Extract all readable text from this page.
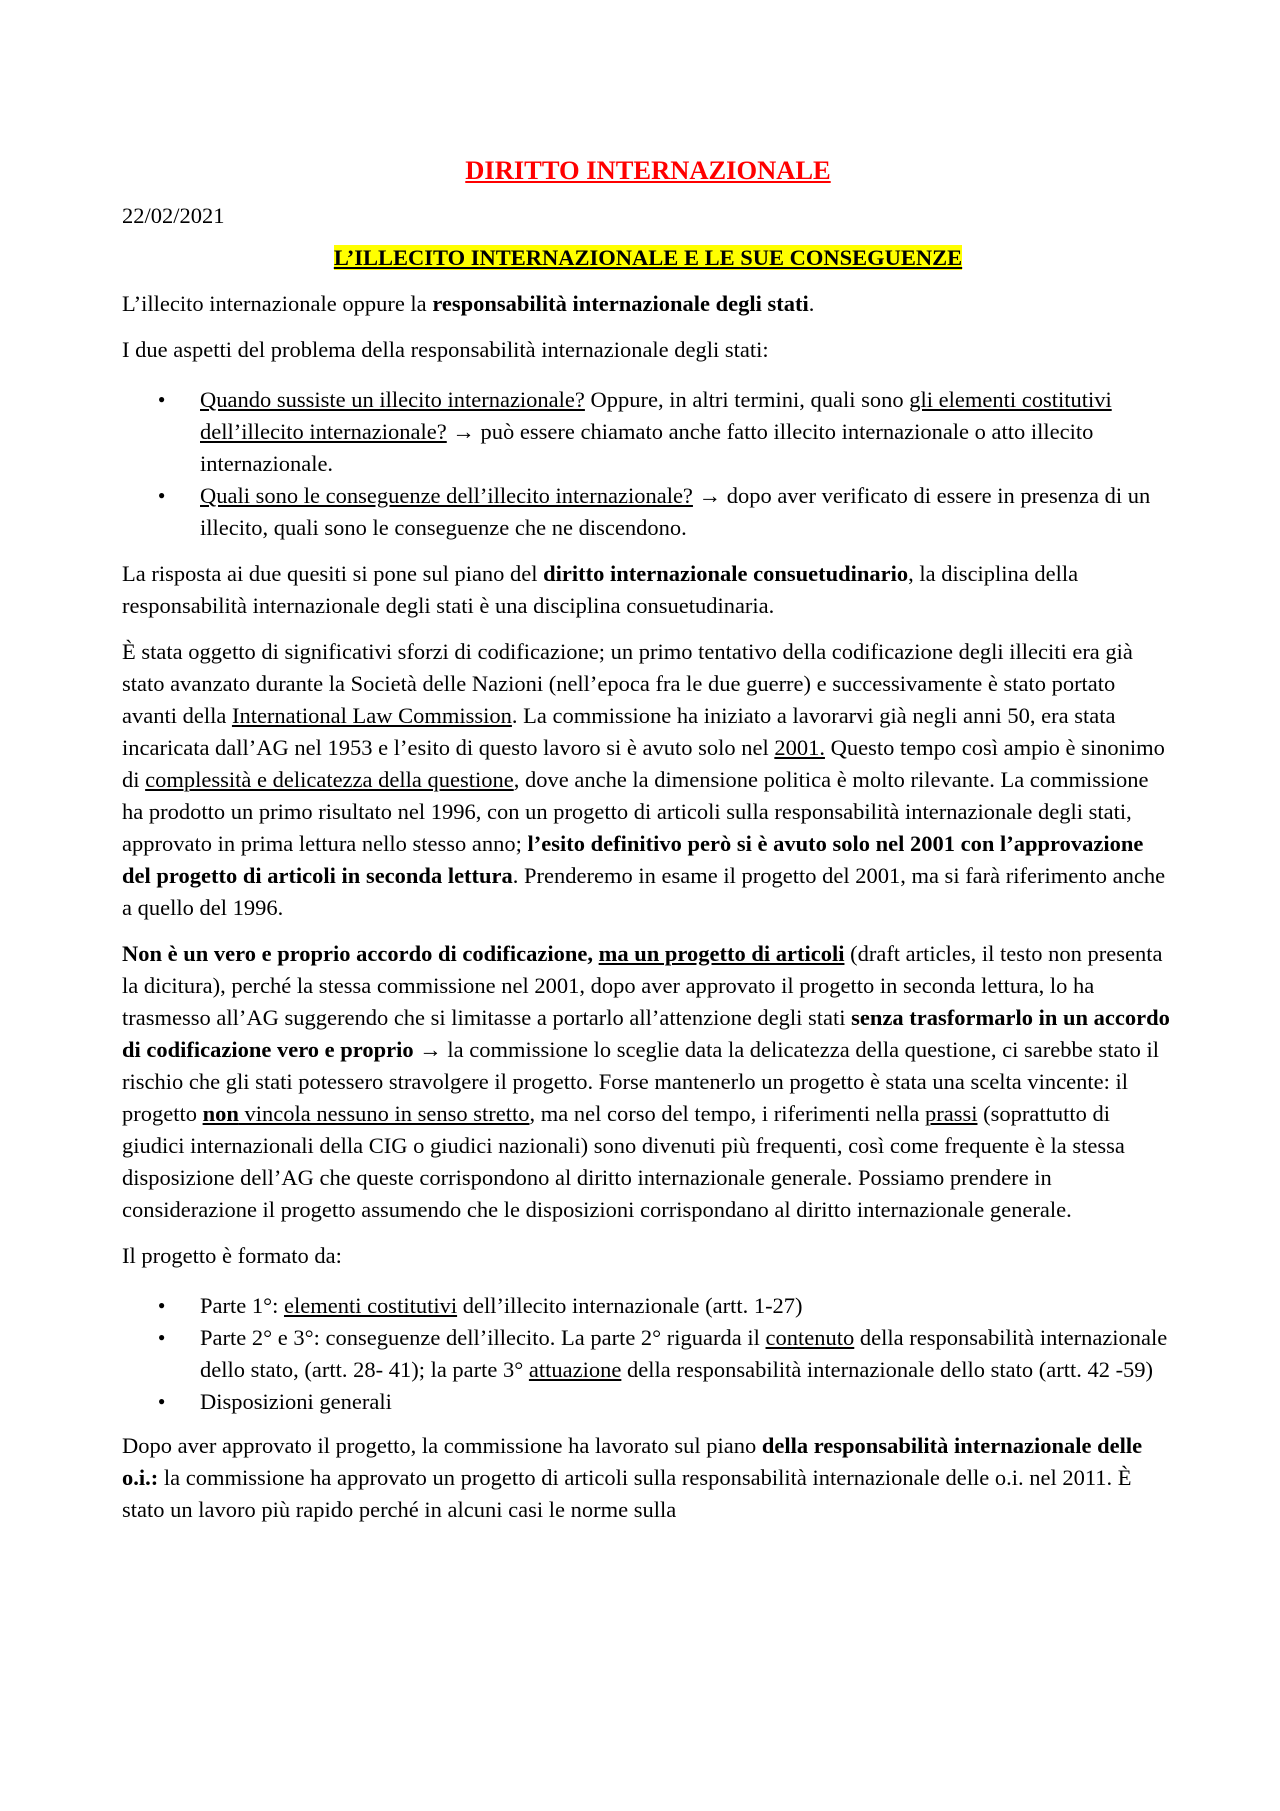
DIRITTO INTERNAZIONALE
22/02/2021
L’ILLECITO INTERNAZIONALE E LE SUE CONSEGUENZE

L’illecito internazionale oppure la responsabilità internazionale degli stati.

I due aspetti del problema della responsabilità internazionale degli stati:

● Quando sussiste un illecito internazionale? Oppure, in altri termini, quali sono gli elementi costitutivi dell’illecito internazionale? → può essere chiamato anche fatto illecito internazionale o atto illecito internazionale.
● Quali sono le conseguenze dell’illecito internazionale? → dopo aver verificato di essere in presenza di un illecito, quali sono le conseguenze che ne discendono.

La risposta ai due quesiti si pone sul piano del diritto internazionale consuetudinario, la disciplina della responsabilità internazionale degli stati è una disciplina consuetudinaria.

È stata oggetto di significativi sforzi di codificazione; un primo tentativo della codificazione degli illeciti era già stato avanzato durante la Società delle Nazioni (nell’epoca fra le due guerre) e successivamente è stato portato avanti della International Law Commission. La commissione ha iniziato a lavorarvi già negli anni 50, era stata incaricata dall’AG nel 1953 e l’esito di questo lavoro si è avuto solo nel 2001. Questo tempo così ampio è sinonimo di complessità e delicatezza della questione, dove anche la dimensione politica è molto rilevante. La commissione ha prodotto un primo risultato nel 1996, con un progetto di articoli sulla responsabilità internazionale degli stati, approvato in prima lettura nello stesso anno; l’esito definitivo però si è avuto solo nel 2001 con l’approvazione del progetto di articoli in seconda lettura. Prenderemo in esame il progetto del 2001, ma si farà riferimento anche a quello del 1996.

Non è un vero e proprio accordo di codificazione, ma un progetto di articoli (draft articles, il testo non presenta la dicitura), perché la stessa commissione nel 2001, dopo aver approvato il progetto in seconda lettura, lo ha trasmesso all’AG suggerendo che si limitasse a portarlo all’attenzione degli stati senza trasformarlo in un accordo di codificazione vero e proprio → la commissione lo sceglie data la delicatezza della questione, ci sarebbe stato il rischio che gli stati potessero stravolgere il progetto. Forse mantenerlo un progetto è stata una scelta vincente: il progetto non vincola nessuno in senso stretto, ma nel corso del tempo, i riferimenti nella prassi (soprattutto di giudici internazionali della CIG o giudici nazionali) sono divenuti più frequenti, così come frequente è la stessa disposizione dell’AG che queste corrispondono al diritto internazionale generale. Possiamo prendere in considerazione il progetto assumendo che le disposizioni corrispondano al diritto internazionale generale.

Il progetto è formato da:

● Parte 1°: elementi costitutivi dell’illecito internazionale (artt. 1-27)
● Parte 2° e 3°: conseguenze dell’illecito. La parte 2° riguarda il contenuto della responsabilità internazionale dello stato, (artt. 28- 41); la parte 3° attuazione della responsabilità internazionale dello stato (artt. 42 -59)
● Disposizioni generali

Dopo aver approvato il progetto, la commissione ha lavorato sul piano della responsabilità internazionale delle o.i.: la commissione ha approvato un progetto di articoli sulla responsabilità internazionale delle o.i. nel 2011. È stato un lavoro più rapido perché in alcuni casi le norme sulla
